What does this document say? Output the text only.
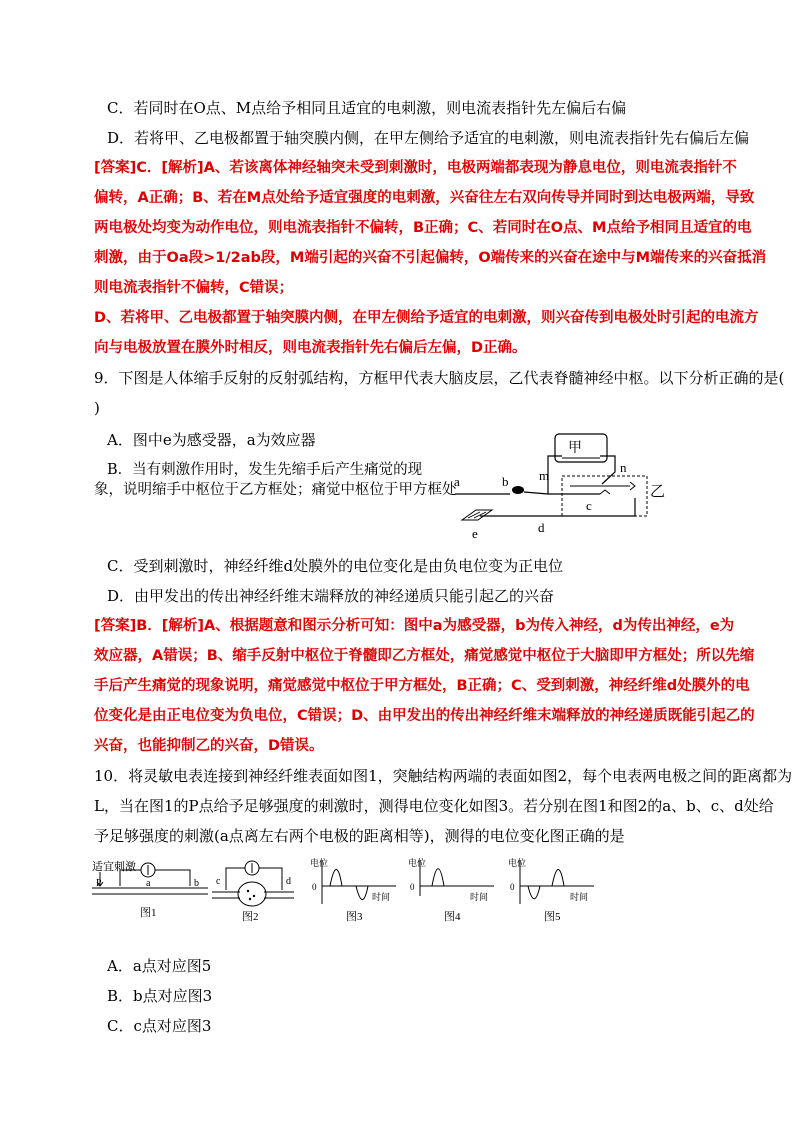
C．若同时在O点、M点给予相同且适宜的电刺激，则电流表指针先左偏后右偏
D．若将甲、乙电极都置于轴突膜内侧，在甲左侧给予适宜的电刺激，则电流表指针先右偏后左偏
[答案]C．[解析]A、若该离体神经轴突未受到刺激时，电极两端都表现为静息电位，则电流表指针不
偏转，A正确；B、若在M点处给予适宜强度的电刺激，兴奋往左右双向传导并同时到达电极两端，导致
两电极处均变为动作电位，则电流表指针不偏转，B正确；C、若同时在O点、M点给予相同且适宜的电
刺激，由于Oa段>1/2ab段，M端引起的兴奋不引起偏转，O端传来的兴奋在途中与M端传来的兴奋抵消
则电流表指针不偏转，C错误；
D、若将甲、乙电极都置于轴突膜内侧，在甲左侧给予适宜的电刺激，则兴奋传到电极处时引起的电流方
向与电极放置在膜外时相反，则电流表指针先右偏后左偏，D正确。
9．下图是人体缩手反射的反射弧结构，方框甲代表大脑皮层，乙代表脊髓神经中枢。以下分析正确的是(
)
A．图中e为感受器，a为效应器
B．当有刺激作用时，发生先缩手后产生痛觉的现
象，说明缩手中枢位于乙方框处；痛觉中枢位于甲方框处
甲
m
n
乙
a	b
c
d
e
C．受到刺激时，神经纤维d处膜外的电位变化是由负电位变为正电位
D．由甲发出的传出神经纤维末端释放的神经递质只能引起乙的兴奋
[答案]B．[解析]A、根据题意和图示分析可知：图中a为感受器，b为传入神经，d为传出神经，e为
效应器，A错误；B、缩手反射中枢位于脊髓即乙方框处，痛觉感觉中枢位于大脑即甲方框处；所以先缩
手后产生痛觉的现象说明，痛觉感觉中枢位于甲方框处，B正确；C、受到刺激，神经纤维d处膜外的电
位变化是由正电位变为负电位，C错误；D、由甲发出的传出神经纤维末端释放的神经递质既能引起乙的
兴奋，也能抑制乙的兴奋，D错误。
10．将灵敏电表连接到神经纤维表面如图1，突触结构两端的表面如图2，每个电表两电极之间的距离都为
L，当在图1的P点给予足够强度的刺激时，测得电位变化如图3。若分别在图1和图2的a、b、c、d处给
予足够强度的刺激(a点离左右两个电极的距离相等)，测得的电位变化图正确的是
适宜刺激
P	a	b
图1
c	d
图2
电位
0
时间
图3
电位
0
时间
图4
电位
0
时间
图5
A．a点对应图5
B．b点对应图3
C．c点对应图3
